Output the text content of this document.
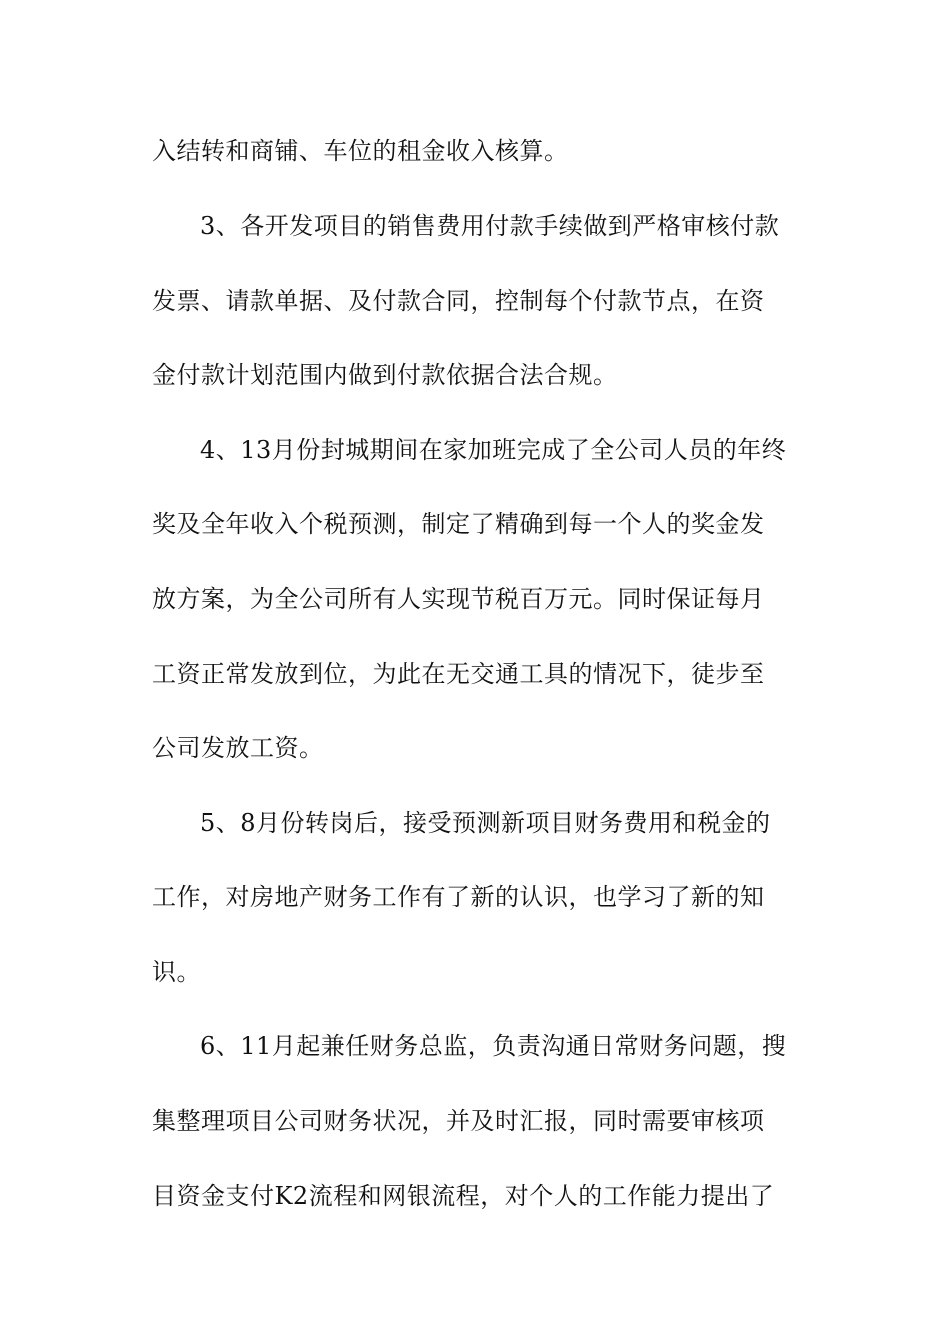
入结转和商铺、车位的租金收入核算。
3、各开发项目的销售费用付款手续做到严格审核付款
发票、请款单据、及付款合同，控制每个付款节点，在资
金付款计划范围内做到付款依据合法合规。
4、13月份封城期间在家加班完成了全公司人员的年终
奖及全年收入个税预测，制定了精确到每一个人的奖金发
放方案，为全公司所有人实现节税百万元。同时保证每月
工资正常发放到位，为此在无交通工具的情况下，徒步至
公司发放工资。
5、8月份转岗后，接受预测新项目财务费用和税金的
工作，对房地产财务工作有了新的认识，也学习了新的知
识。
6、11月起兼任财务总监，负责沟通日常财务问题，搜
集整理项目公司财务状况，并及时汇报，同时需要审核项
目资金支付K2流程和网银流程，对个人的工作能力提出了
